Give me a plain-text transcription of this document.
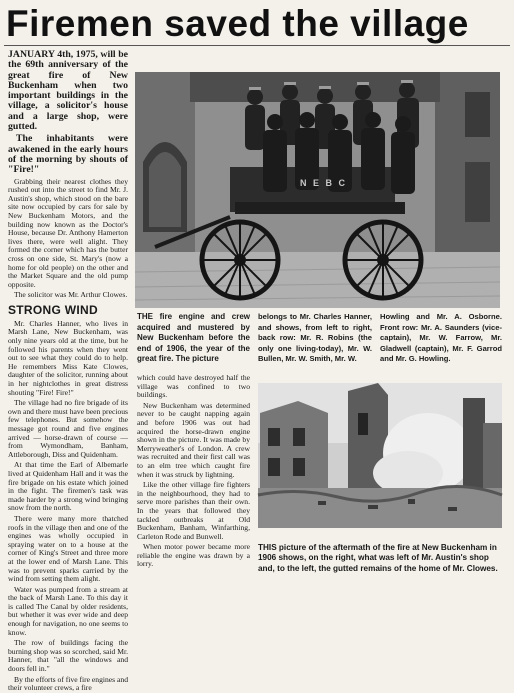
Firemen saved the village

JANUARY 4th, 1975, will be the 69th anniversary of the great fire of New Buckenham when two important buildings in the village, a solicitor's house and a large shop, were gutted.

The inhabitants were awakened in the early hours of the morning by shouts of "Fire!"

Grabbing their nearest clothes they rushed out into the street to find Mr. J. Austin's shop, which stood on the bare site now occupied by cars for sale by New Buckenham Motors, and the building now known as the Doctor's House, because Dr. Anthony Hamerton lives there, were well alight. They formed the corner which has the butter cross on one side, St. Mary's (now a home for old people) on the other and the Market Square and the old pump opposite.

The solicitor was Mr. Arthur Clowes.

STRONG WIND

Mr. Charles Hanner, who lives in Marsh Lane, New Buckenham, was only nine years old at the time, but he followed his parents when they went out to see what they could do to help. He remembers Miss Kate Clowes, daughter of the solicitor, running about in her nightclothes in great distress shouting "Fire! Fire!"

The village had no fire brigade of its own and there must have been precious few telephones. But somehow the message got round and five engines arrived — horse-drawn of course — from Wymondham, Banham, Attleborough, Diss and Quidenham.

At that time the Earl of Albemarle lived at Quidenham Hall and it was the fire brigade on his estate which joined in the fight. The firemen's task was made harder by a strong wind bringing snow from the north.

There were many more thatched roofs in the village then and one of the engines was wholly occupied in spraying water on to a house at the corner of King's Street and three more at the lower end of Marsh Lane. This was to prevent sparks carried by the wind from setting them alight.

Water was pumped from a stream at the back of Marsh Lane. To this day it is called The Canal by older residents, but whether it was ever wide and deep enough for navigation, no one seems to know.

The row of buildings facing the burning shop was so scorched, said Mr. Hanner, that "all the windows and doors fell in."

By the efforts of five fire engines and their volunteer crews, a fire

N E B C
THE fire engine and crew acquired and mustered by New Buckenham before the end of 1906, the year of the great fire. The picture
belongs to Mr. Charles Hanner, and shows, from left to right, back row: Mr. R. Robins (the only one living-today), Mr. W. Bullen, Mr. W. Smith, Mr. W.
Howling and Mr. A. Osborne. Front row: Mr. A. Saunders (vice-captain), Mr. W. Farrow, Mr. Gladwell (captain), Mr. F. Garrod and Mr. G. Howling.

which could have destroyed half the village was confined to two buildings.

New Buckenham was determined never to be caught napping again and before 1906 was out had acquired the horse-drawn engine shown in the picture. It was made by Merryweather's of London. A crew was recruited and their first call was to an elm tree which caught fire when it was struck by lightning.

Like the other village fire fighters in the neighbourhood, they had to serve more parishes than their own. In the years that followed they tackled outbreaks at Old Buckenham, Banham, Winfarthing, Carleton Rode and Bunwell.

When motor power became more reliable the engine was drawn by a lorry.

THIS picture of the aftermath of the fire at New Buckenham in 1906 shows, on the right, what was left of Mr. Austin's shop and, to the left, the gutted remains of the home of Mr. Clowes.
